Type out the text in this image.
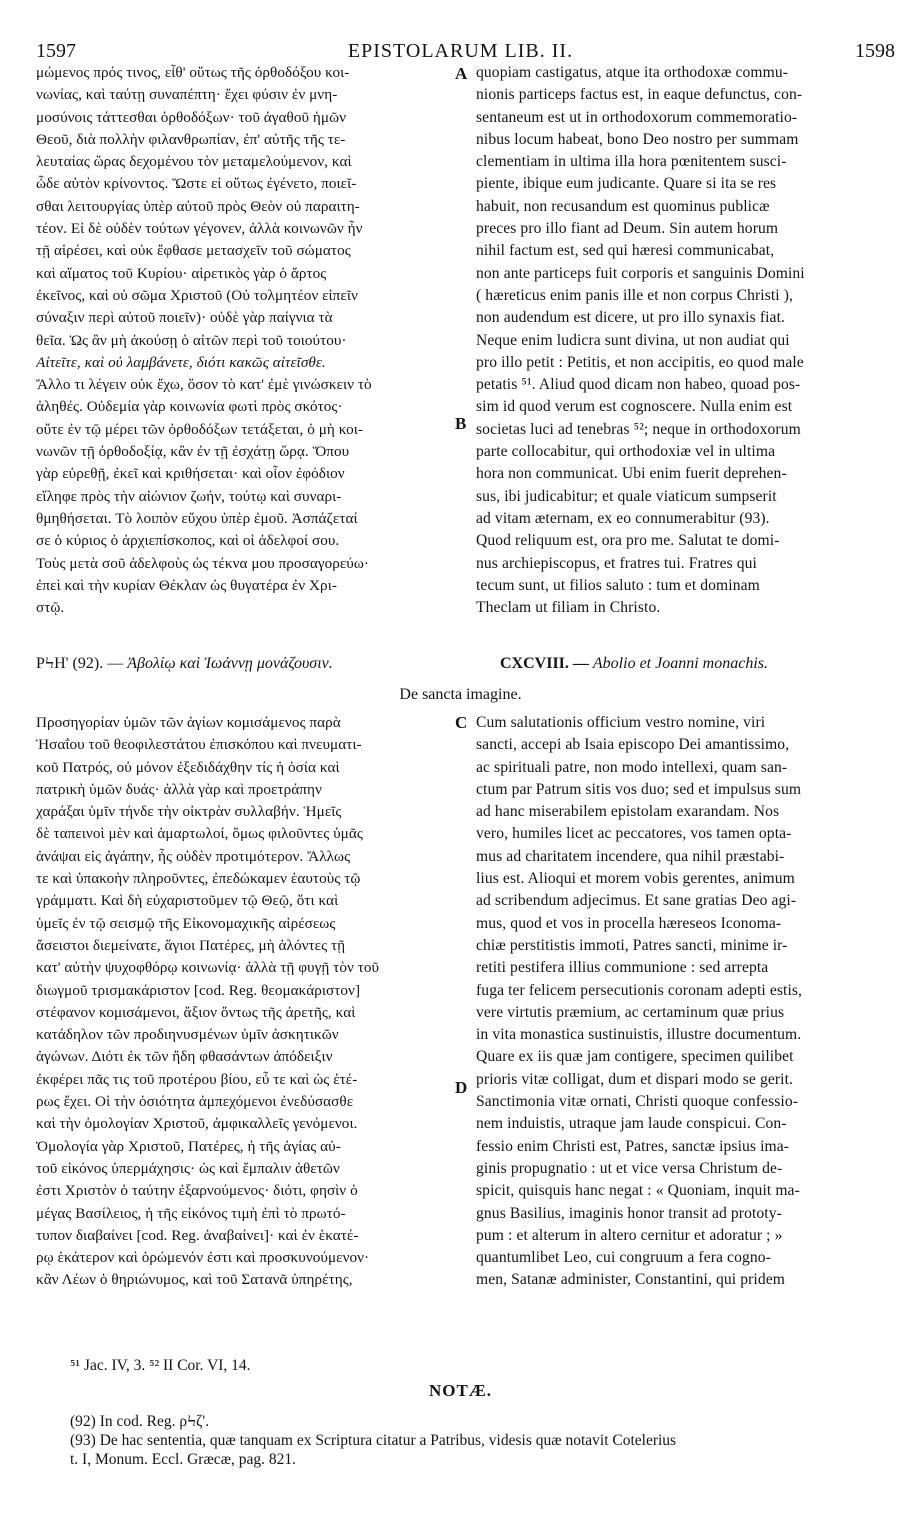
1597	EPISTOLARUM LIB. II.	1598
μώμενος πρός τινος, εἶθ' οὕτως τῆς ὀρθοδόξου κοι-
νωνίας, καὶ ταύτῃ συναπέπτη· ἔχει φύσιν ἐν μνη-
μοσύνοις τάττεσθαι ὀρθοδόξων· τοῦ ἀγαθοῦ ἡμῶν
Θεοῦ, διὰ πολλὴν φιλανθρωπίαν, ἐπ' αὐτῆς τῆς τε-
λευταίας ὥρας δεχομένου τὸν μεταμελούμενον, καὶ
ὧδε αὐτὸν κρίνοντος. Ὥστε εἰ οὕτως ἐγένετο, ποιεῖ-
σθαι λειτουργίας ὑπὲρ αὐτοῦ πρὸς Θεὸν οὐ παραιτη-
τέον. Εἰ δὲ οὐδὲν τούτων γέγονεν, ἀλλὰ κοινωνῶν ἦν
τῇ αἱρέσει, καὶ οὐκ ἔφθασε μετασχεῖν τοῦ σώματος
καὶ αἵματος τοῦ Κυρίου· αἱρετικὸς γὰρ ὁ ἄρτος
ἐκεῖνος, καὶ οὐ σῶμα Χριστοῦ (Οὐ τολμητέον εἰπεῖν
σύναξιν περὶ αὐτοῦ ποιεῖν)· οὐδὲ γὰρ παίγνια τὰ
θεῖα. Ὡς ἂν μὴ ἀκούσῃ ὁ αἰτῶν περὶ τοῦ τοιούτου·
Αἰτεῖτε, καὶ οὐ λαμβάνετε, διότι κακῶς αἰτεῖσθε.
Ἄλλο τι λέγειν οὐκ ἔχω, ὅσον τὸ κατ' ἐμὲ γινώσκειν τὸ
ἀληθές. Οὐδεμία γὰρ κοινωνία φωτὶ πρὸς σκότος·
οὔτε ἐν τῷ μέρει τῶν ὀρθοδόξων τετάξεται, ὁ μὴ κοι-
νωνῶν τῇ ὀρθοδοξίᾳ, κἂν ἐν τῇ ἐσχάτῃ ὥρᾳ. Ὅπου
γὰρ εὑρεθῇ, ἐκεῖ καὶ κριθήσεται· καὶ οἷον ἐφόδιον
εἴληφε πρὸς τὴν αἰώνιον ζωήν, τούτῳ καὶ συναρι-
θμηθήσεται. Τὸ λοιπὸν εὔχου ὑπὲρ ἐμοῦ. Ἀσπάζεταί
σε ὁ κύριος ὁ ἀρχιεπίσκοπος, καὶ οἱ ἀδελφοί σου.
Τοὺς μετὰ σοῦ ἀδελφοὺς ὡς τέκνα μου προσαγορεύω·
ἐπεὶ καὶ τὴν κυρίαν Θέκλαν ὡς θυγατέρα ἐν Χρι-
στῷ.
quopiam castigatus, atque ita orthodoxæ commu-
nionis particeps factus est, in eaque defunctus, con-
sentaneum est ut in orthodoxorum commemoratio-
nibus locum habeat, bono Deo nostro per summam
clementiam in ultima illa hora pœnitentem susci-
piente, ibique eum judicante. Quare si ita se res
habuit, non recusandum est quominus publicæ
preces pro illo fiant ad Deum. Sin autem horum
nihil factum est, sed qui hæresi communicabat,
non ante particeps fuit corporis et sanguinis Domini
( hæreticus enim panis ille et non corpus Christi ),
non audendum est dicere, ut pro illo synaxis fiat.
Neque enim ludicra sunt divina, ut non audiat qui
pro illo petit : Petitis, et non accipitis, eo quod male
petatis ⁵¹. Aliud quod dicam non habeo, quoad pos-
sim id quod verum est cognoscere. Nulla enim est
societas luci ad tenebras ⁵²; neque in orthodoxorum
parte collocabitur, qui orthodoxiæ vel in ultima
hora non communicat. Ubi enim fuerit deprehen-
sus, ibi judicabitur; et quale viaticum sumpserit
ad vitam æternam, ex eo connumerabitur (93).
Quod reliquum est, ora pro me. Salutat te domi-
nus archiepiscopus, et fratres tui. Fratres qui
tecum sunt, ut filios saluto : tum et dominam
Theclam ut filiam in Christo.
A
B
ΡϞΗ' (92). — Ἀβολίῳ καὶ Ἰωάννῃ μονάζουσιν.	CXCVIII. — Abolio et Joanni monachis.
De sancta imagine.
Προσηγορίαν ὑμῶν τῶν ἁγίων κομισάμενος παρὰ
Ἡσαΐου τοῦ θεοφιλεστάτου ἐπισκόπου καὶ πνευματι-
κοῦ Πατρός, οὐ μόνον ἐξεδιδάχθην τίς ἡ ὁσία καὶ
πατρικὴ ὑμῶν δυάς· ἀλλὰ γὰρ καὶ προετράπην
χαράξαι ὑμῖν τήνδε τὴν οἰκτρὰν συλλαβήν. Ἡμεῖς
δὲ ταπεινοὶ μὲν καὶ ἁμαρτωλοί, ὅμως φιλοῦντες ὑμᾶς
ἀνάψαι εἰς ἀγάπην, ἧς οὐδὲν προτιμότερον. Ἄλλως
τε καὶ ὑπακοὴν πληροῦντες, ἐπεδώκαμεν ἑαυτοὺς τῷ
γράμματι. Καὶ δὴ εὐχαριστοῦμεν τῷ Θεῷ, ὅτι καὶ
ὑμεῖς ἐν τῷ σεισμῷ τῆς Εἰκονομαχικῆς αἱρέσεως
ἄσειστοι διεμείνατε, ἅγιοι Πατέρες, μὴ ἁλόντες τῇ
κατ' αὐτὴν ψυχοφθόρῳ κοινωνίᾳ· ἀλλὰ τῇ φυγῇ τὸν τοῦ
διωγμοῦ τρισμακάριστον [cod. Reg. θεομακάριστον]
στέφανον κομισάμενοι, ἄξιον ὄντως τῆς ἀρετῆς, καὶ
κατάδηλον τῶν προδιηνυσμένων ὑμῖν ἀσκητικῶν
ἀγώνων. Διότι ἐκ τῶν ἤδη φθασάντων ἀπόδειξιν
ἐκφέρει πᾶς τις τοῦ προτέρου βίου, εὖ τε καὶ ὡς ἑτέ-
ρως ἔχει. Οἱ τὴν ὁσιότητα ἀμπεχόμενοι ἐνεδύσασθε
καὶ τὴν ὁμολογίαν Χριστοῦ, ἀμφικαλλεῖς γενόμενοι.
Ὁμολογία γὰρ Χριστοῦ, Πατέρες, ἡ τῆς ἁγίας αὐ-
τοῦ εἰκόνος ὑπερμάχησις· ὡς καὶ ἔμπαλιν ἀθετῶν
ἐστι Χριστὸν ὁ ταύτην ἐξαρνούμενος· διότι, φησὶν ὁ
μέγας Βασίλειος, ἡ τῆς εἰκόνος τιμὴ ἐπὶ τὸ πρωτό-
τυπον διαβαίνει [cod. Reg. ἀναβαίνει]· καὶ ἐν ἑκατέ-
ρῳ ἑκάτερον καὶ ὁρώμενόν ἐστι καὶ προσκυνούμενον·
κἂν Λέων ὁ θηριώνυμος, καὶ τοῦ Σατανᾶ ὑπηρέτης,
Cum salutationis officium vestro nomine, viri
sancti, accepi ab Isaia episcopo Dei amantissimo,
ac spirituali patre, non modo intellexi, quam san-
ctum par Patrum sitis vos duo; sed et impulsus sum
ad hanc miserabilem epistolam exarandam. Nos
vero, humiles licet ac peccatores, vos tamen opta-
mus ad charitatem incendere, qua nihil præstabi-
lius est. Alioqui et morem vobis gerentes, animum
ad scribendum adjecimus. Et sane gratias Deo agi-
mus, quod et vos in procella hæreseos Iconoma-
chiæ perstitistis immoti, Patres sancti, minime ir-
retiti pestifera illius communione : sed arrepta
fuga ter felicem persecutionis coronam adepti estis,
vere virtutis præmium, ac certaminum quæ prius
in vita monastica sustinuistis, illustre documentum.
Quare ex iis quæ jam contigere, specimen quilibet
prioris vitæ colligat, dum et dispari modo se gerit.
Sanctimonia vitæ ornati, Christi quoque confessio-
nem induistis, utraque jam laude conspicui. Con-
fessio enim Christi est, Patres, sanctæ ipsius ima-
ginis propugnatio : ut et vice versa Christum de-
spicit, quisquis hanc negat : « Quoniam, inquit ma-
gnus Basilius, imaginis honor transit ad prototy-
pum : et alterum in altero cernitur et adoratur ; »
quantumlibet Leo, cui congruum a fera cogno-
men, Satanæ administer, Constantini, qui pridem
C
D
⁵¹ Jac. IV, 3. ⁵² II Cor. VI, 14.
NOTÆ.
(92) In cod. Reg. ρϞζ'.
(93) De hac sententia, quæ tanquam ex Scriptura citatur a Patribus, videsis quæ notavit Cotelerius
t. I, Monum. Eccl. Græcæ, pag. 821.
